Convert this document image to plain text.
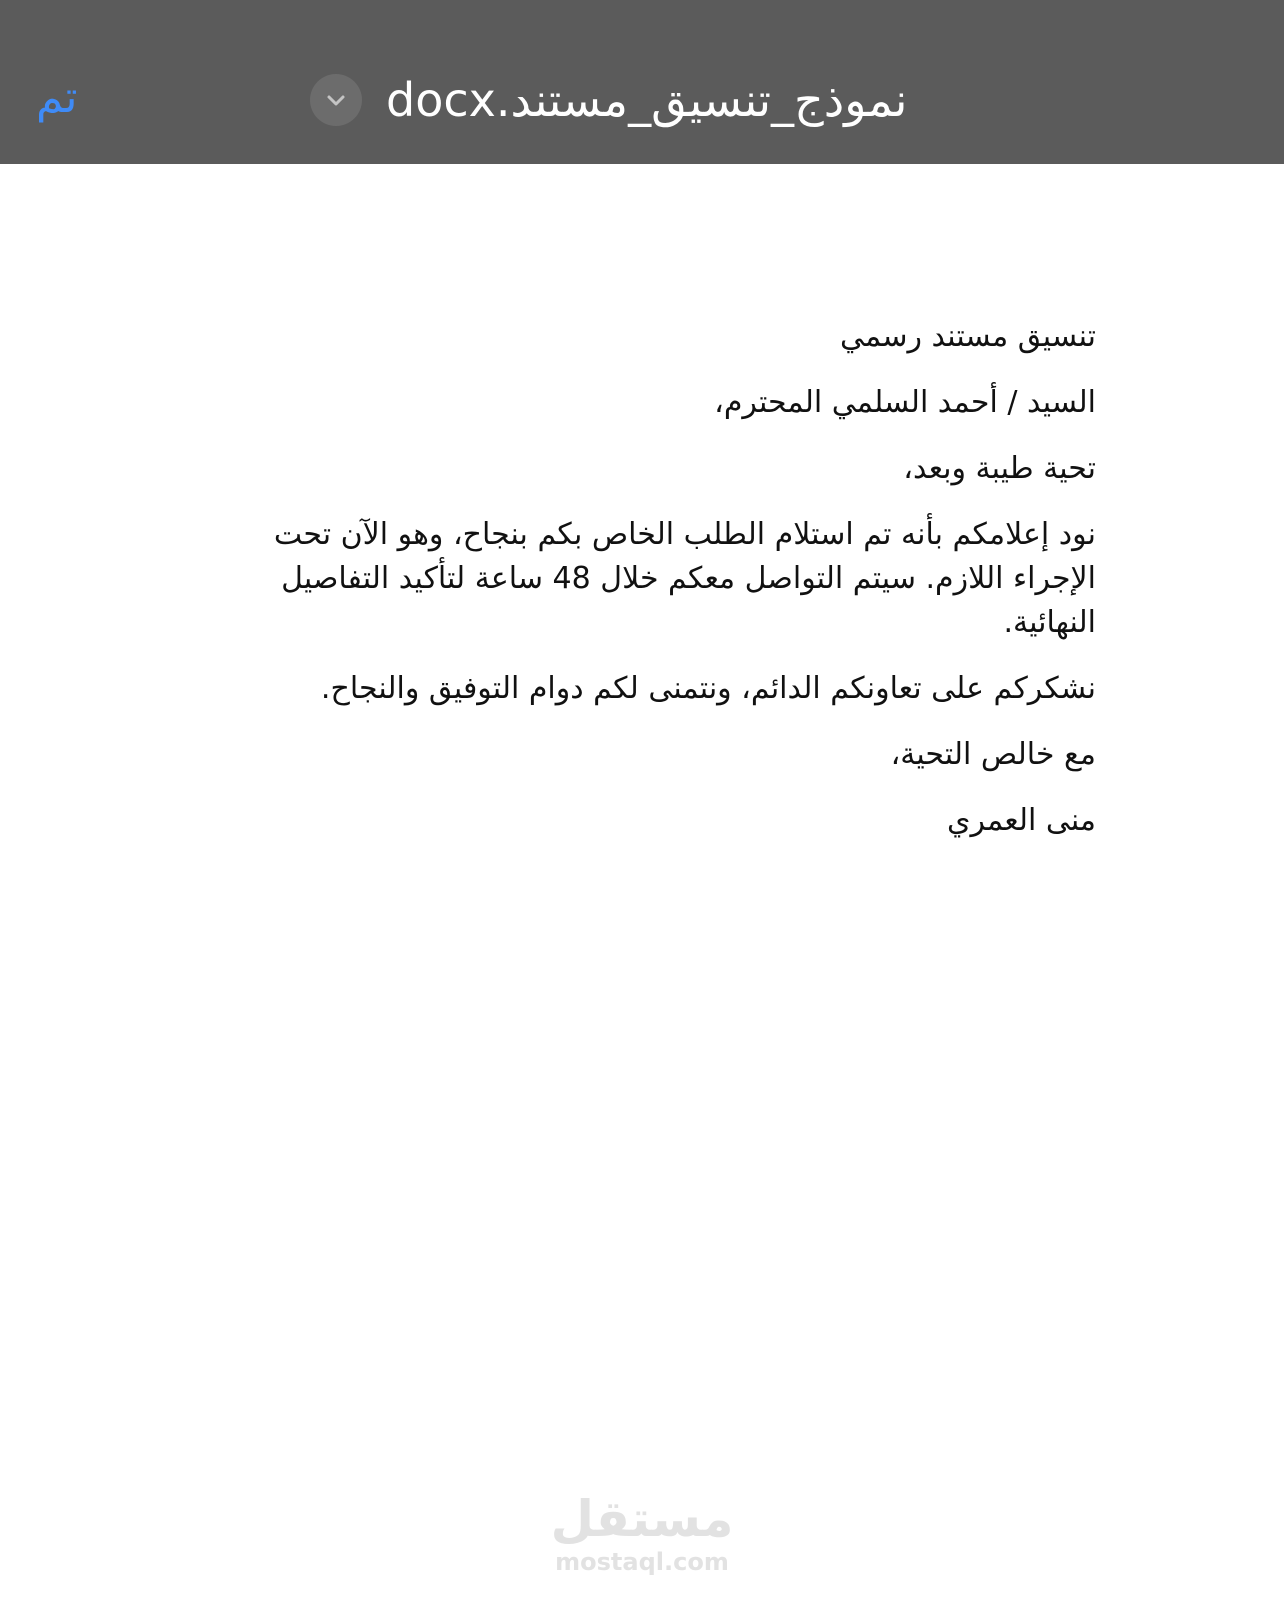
تم	نموذج_تنسيق_مستند.docx

تنسيق مستند رسمي

السيد / أحمد السلمي المحترم،

تحية طيبة وبعد،

نود إعلامكم بأنه تم استلام الطلب الخاص بكم بنجاح، وهو الآن تحت الإجراء اللازم. سيتم التواصل معكم خلال 48 ساعة لتأكيد التفاصيل النهائية.

نشكركم على تعاونكم الدائم، ونتمنى لكم دوام التوفيق والنجاح.

مع خالص التحية،

منى العمري

مستقل
mostaql.com
